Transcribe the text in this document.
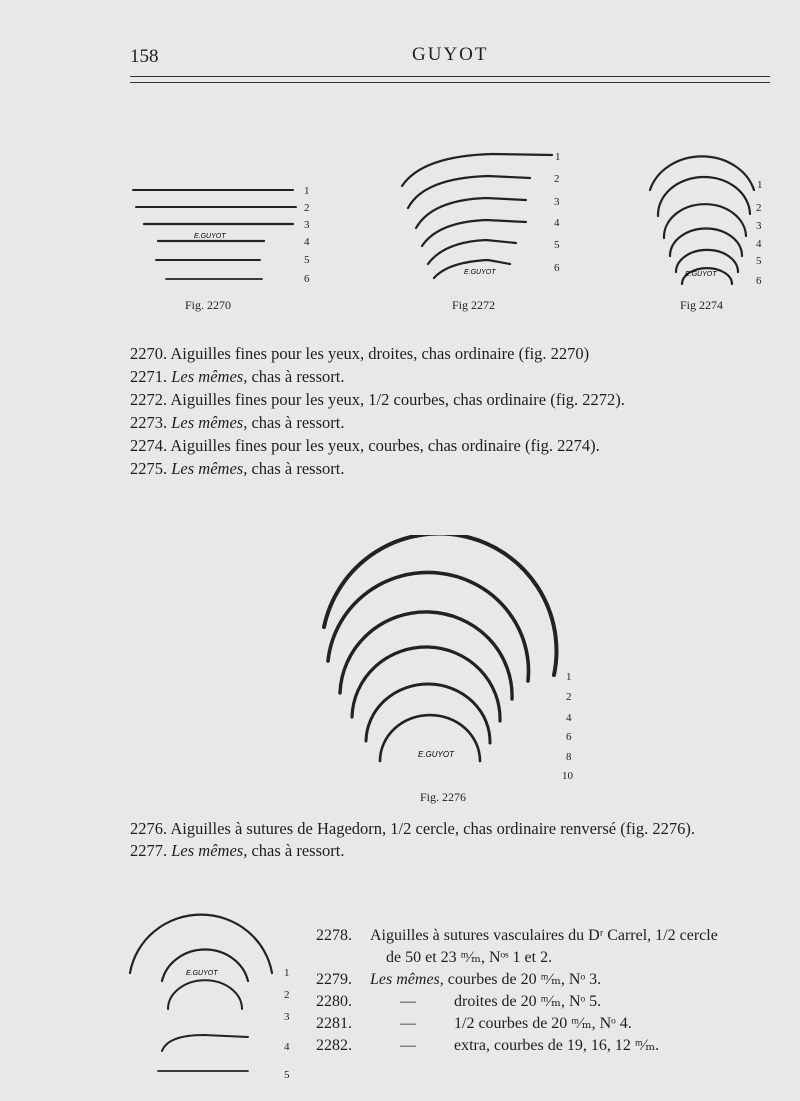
158	GUYOT
E.GUYOT
1
2
3
4
5
6
Fig. 2270
E.GUYOT
1
2
3
4
5
6
Fig 2272
E.GUYOT
1
2
3
4
5
6
Fig 2274
2270. Aiguilles fines pour les yeux, droites, chas ordinaire (fig. 2270)
2271. Les mêmes, chas à ressort.
2272. Aiguilles fines pour les yeux, 1/2 courbes, chas ordinaire (fig. 2272).
2273. Les mêmes, chas à ressort.
2274. Aiguilles fines pour les yeux, courbes, chas ordinaire (fig. 2274).
2275. Les mêmes, chas à ressort.
E.GUYOT
1
2
4
6
8
10
Fig. 2276
2276. Aiguilles à sutures de Hagedorn, 1/2 cercle, chas ordinaire renversé (fig. 2276).
2277. Les mêmes, chas à ressort.
E.GUYOT	1
2
3
4
5
2278. Aiguilles à sutures vasculaires du Dʳ Carrel, 1/2 cercle
de 50 et 23 ᵐ⁄ₘ, Nᵒˢ 1 et 2.
2279. Les mêmes, courbes de 20 ᵐ⁄ₘ, Nᵒ 3.
2280.	— droites de 20 ᵐ⁄ₘ, Nᵒ 5.
2281.	— 1/2 courbes de 20 ᵐ⁄ₘ, Nᵒ 4.
2282.	— extra, courbes de 19, 16, 12 ᵐ⁄ₘ.
